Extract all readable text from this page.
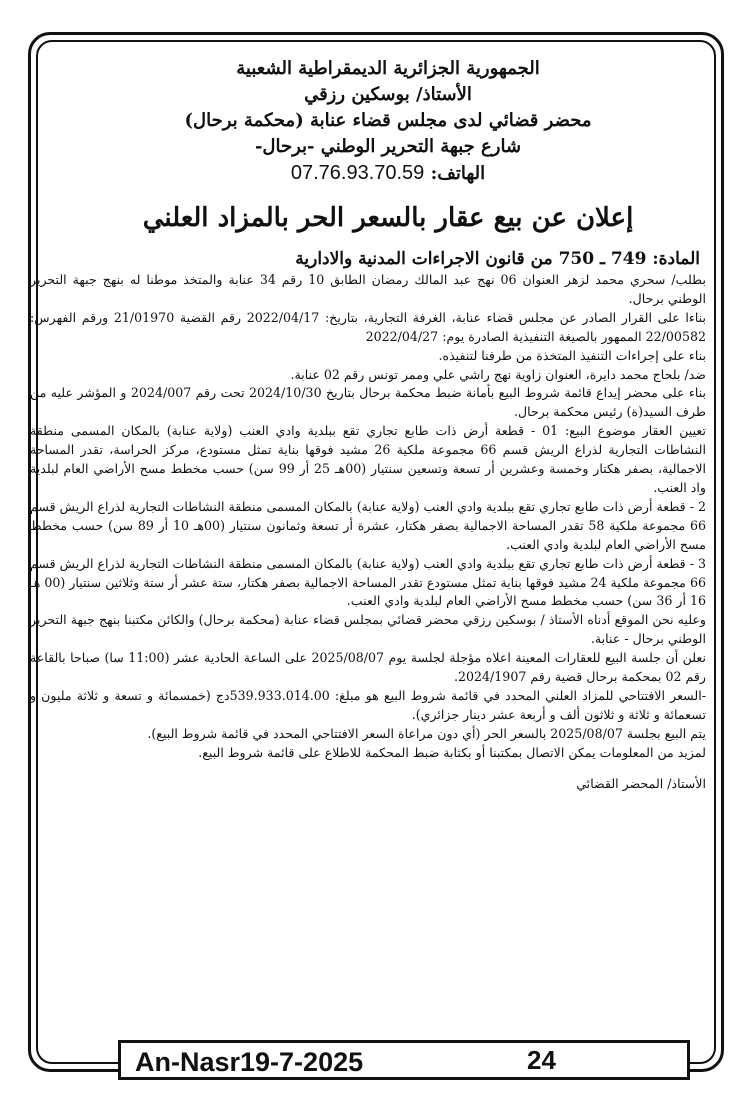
الجمهورية الجزائرية الديمقراطية الشعبية

الأستاذ/ بوسكين رزقي

محضر قضائي لدى مجلس قضاء عنابة (محكمة برحال)

شارع جبهة التحرير الوطني -برحال-

الهاتف: 07.76.93.70.59

إعلان عن بيع عقار بالسعر الحر بالمزاد العلني

المادة: 749 ـ 750 من قانون الاجراءات المدنية والادارية

بطلب/ سحري محمد لزهر العنوان 06 نهج عبد المالك رمضان الطابق 10 رقم 34 عنابة والمتخذ موطنا له بنهج جبهة التحرير الوطني برحال.

بناءا على القرار الصادر عن مجلس قضاء عنابة، الغرفة التجارية، بتاريخ: 2022/04/17 رقم القضية 21/01970 ورقم الفهرس: 22/00582 الممهور بالصيغة التنفيذية الصادرة يوم: 2022/04/27

بناء على إجراءات التنفيذ المتخذة من طرفنا لتنفيذه.

ضد/ بلحاج محمد دايرة، العنوان زاوية نهج راشي علي وممر تونس رقم 02 عنابة.

بناء على محضر إيداع قائمة شروط البيع بأمانة ضبط محكمة برحال بتاريخ 2024/10/30 تحت رقم 2024/007 و المؤشر عليه من طرف السيد(ة) رئيس محكمة برحال.

تعيين العقار موضوع البيع: 01 - قطعة أرض ذات طابع تجاري تقع ببلدية وادي العنب (ولاية عنابة) بالمكان المسمى منطقة النشاطات التجارية لذراع الريش قسم 66 مجموعة ملكية 26 مشيد فوقها بناية تمثل مستودع، مركز الحراسة، تقدر المساحة الاجمالية، بصفر هكتار وخمسة وعشرين أر تسعة وتسعين سنتيار (00هـ 25 أر 99 سن) حسب مخطط مسح الأراضي العام لبلدية واد العنب.

2 - قطعة أرض ذات طابع تجاري تقع ببلدية وادي العنب (ولاية عنابة) بالمكان المسمى منطقة النشاطات التجارية لذراع الريش قسم 66 مجموعة ملكية 58 تقدر المساحة الاجمالية بصفر هكتار، عشرة أر تسعة وثمانون سنتيار (00هـ 10 أر 89 سن) حسب مخطط مسح الأراضي العام لبلدية وادي العنب.

3 - قطعة أرض ذات طابع تجاري تقع ببلدية وادي العنب (ولاية عنابة) بالمكان المسمى منطقة النشاطات التجارية لذراع الريش قسم 66 مجموعة ملكية 24 مشيد فوقها بناية تمثل مستودع تقدر المساحة الاجمالية بصفر هكتار، ستة عشر أر ستة وثلاثين سنتيار (00 هـ 16 أر 36 سن) حسب مخطط مسح الأراضي العام لبلدية وادي العنب.

وعليه نحن الموقع أدناه الأستاذ / بوسكين رزقي محضر قضائي بمجلس قضاء عنابة (محكمة برحال) والكائن مكتبنا بنهج جبهة التحرير الوطني برحال - عنابة.

نعلن أن جلسة البيع للعقارات المعينة اعلاه مؤجلة لجلسة يوم 2025/08/07 على الساعة الحادية عشر (11:00 سا) صباحا بالقاعة رقم 02 بمحكمة برحال قضية رقم 2024/1907.

-السعر الافتتاحي للمزاد العلني المحدد في قائمة شروط البيع هو مبلغ: 539.933.014.00دج (خمسمائة و تسعة و ثلاثة مليون و تسعمائة و ثلاثة و ثلاثون ألف و أربعة عشر دينار جزائري).

يتم البيع بجلسة 2025/08/07 بالسعر الحر (أي دون مراعاة السعر الافتتاحي المحدد في قائمة شروط البيع).

لمزيد من المعلومات يمكن الاتصال بمكتبنا أو بكتابة ضبط المحكمة للاطلاع على قائمة شروط البيع.

الأستاذ/ المحضر القضائي

An-Nasr19-7-2025	24
